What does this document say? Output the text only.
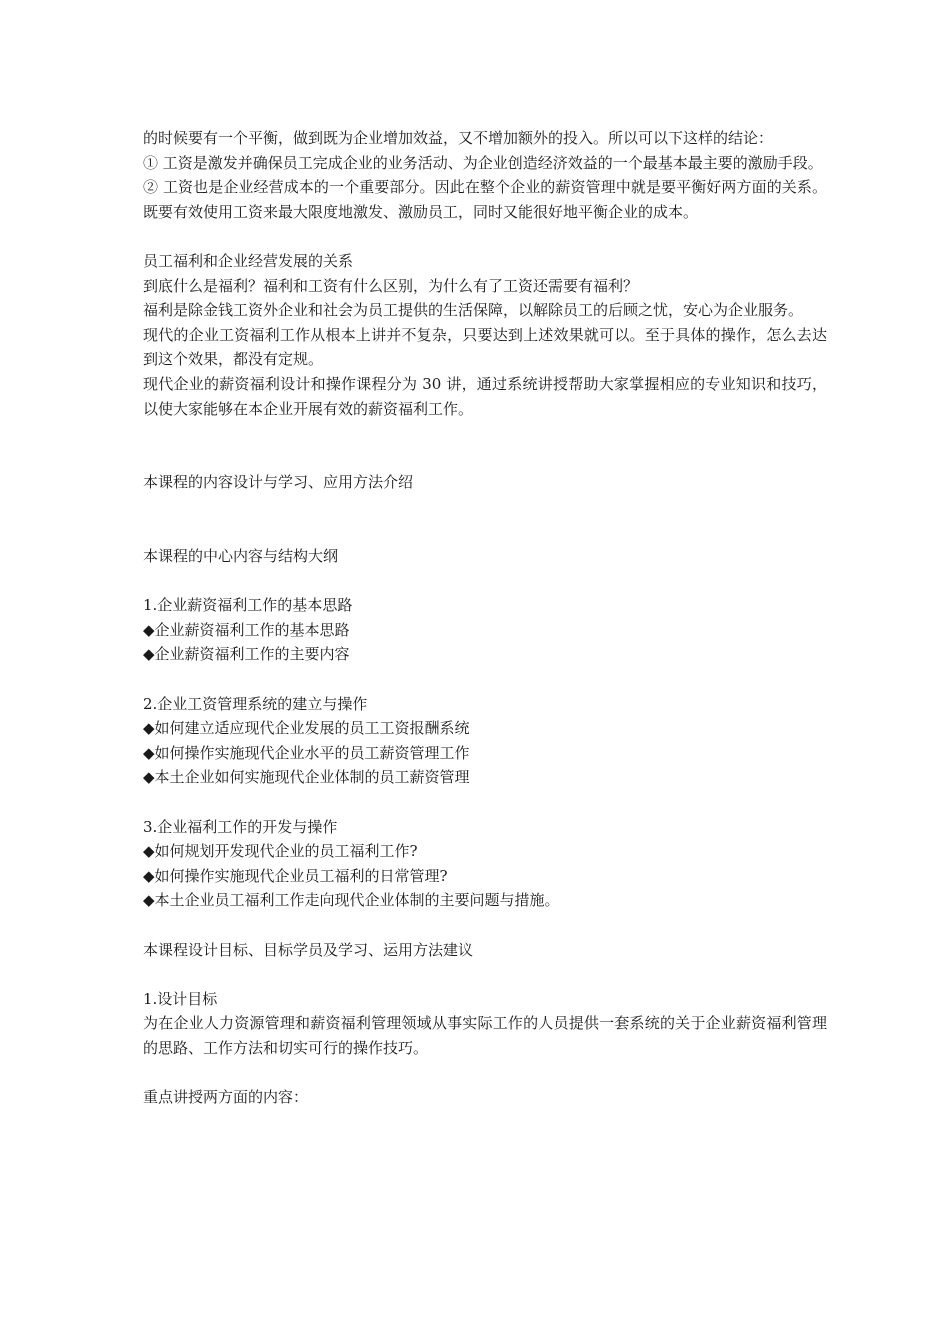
的时候要有一个平衡，做到既为企业增加效益，又不增加额外的投入。所以可以下这样的结论：

① 工资是激发并确保员工完成企业的业务活动、为企业创造经济效益的一个最基本最主要的激励手段。

② 工资也是企业经营成本的一个重要部分。因此在整个企业的薪资管理中就是要平衡好两方面的关系。既要有效使用工资来最大限度地激发、激励员工，同时又能很好地平衡企业的成本。

员工福利和企业经营发展的关系

到底什么是福利？福利和工资有什么区别，为什么有了工资还需要有福利？

福利是除金钱工资外企业和社会为员工提供的生活保障，以解除员工的后顾之忧，安心为企业服务。

现代的企业工资福利工作从根本上讲并不复杂，只要达到上述效果就可以。至于具体的操作，怎么去达到这个效果，都没有定规。

现代企业的薪资福利设计和操作课程分为 30 讲，通过系统讲授帮助大家掌握相应的专业知识和技巧，以使大家能够在本企业开展有效的薪资福利工作。

本课程的内容设计与学习、应用方法介绍

本课程的中心内容与结构大纲

1.企业薪资福利工作的基本思路

◆企业薪资福利工作的基本思路

◆企业薪资福利工作的主要内容

2.企业工资管理系统的建立与操作

◆如何建立适应现代企业发展的员工工资报酬系统

◆如何操作实施现代企业水平的员工薪资管理工作

◆本土企业如何实施现代企业体制的员工薪资管理

3.企业福利工作的开发与操作

◆如何规划开发现代企业的员工福利工作?

◆如何操作实施现代企业员工福利的日常管理?

◆本土企业员工福利工作走向现代企业体制的主要问题与措施。

本课程设计目标、目标学员及学习、运用方法建议

1.设计目标

为在企业人力资源管理和薪资福利管理领域从事实际工作的人员提供一套系统的关于企业薪资福利管理的思路、工作方法和切实可行的操作技巧。

重点讲授两方面的内容：
